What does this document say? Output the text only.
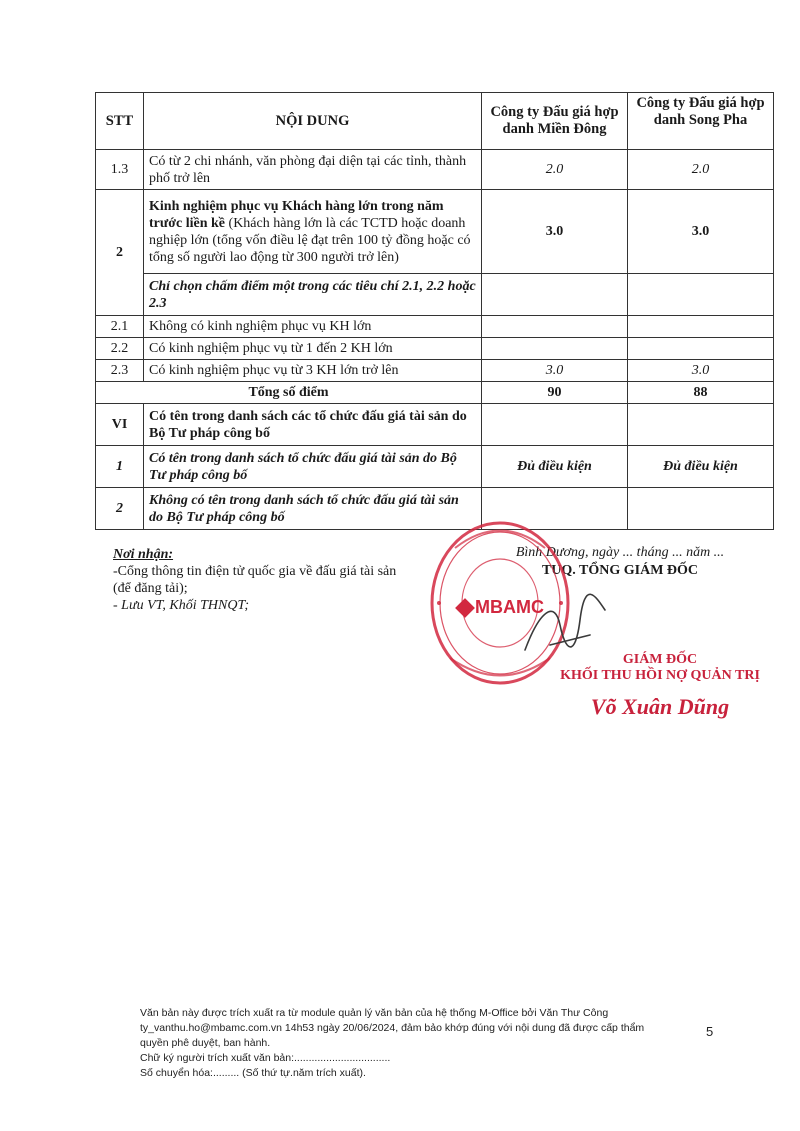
STT	NỘI DUNG	Công ty Đấu giá hợp danh Miền Đông	Công ty Đấu giá hợp danh Song Pha
1.3	Có từ 2 chi nhánh, văn phòng đại diện tại các tỉnh, thành phố trở lên	2.0	2.0
2	Kinh nghiệm phục vụ Khách hàng lớn trong năm trước liền kề (Khách hàng lớn là các TCTD hoặc doanh nghiệp lớn (tổng vốn điều lệ đạt trên 100 tỷ đồng hoặc có tổng số người lao động từ 300 người trở lên)	3.0	3.0
	Chỉ chọn chấm điểm một trong các tiêu chí 2.1, 2.2 hoặc 2.3		
2.1	Không có kinh nghiệm phục vụ KH lớn		
2.2	Có kinh nghiệm phục vụ từ 1 đến 2 KH lớn		
2.3	Có kinh nghiệm phục vụ từ 3 KH lớn trở lên	3.0	3.0
Tổng số điểm		90	88
VI	Có tên trong danh sách các tổ chức đấu giá tài sản do Bộ Tư pháp công bố		
1	Có tên trong danh sách tổ chức đấu giá tài sản do Bộ Tư pháp công bố	Đủ điều kiện	Đủ điều kiện
2	Không có tên trong danh sách tổ chức đấu giá tài sản do Bộ Tư pháp công bố		
Nơi nhận:
-Cổng thông tin điện tử quốc gia về đấu giá tài sản
(để đăng tải);
- Lưu VT, Khối THNQT;
Bình Dương, ngày ... tháng ... năm ...
TUQ. TỔNG GIÁM ĐỐC
MBAMC
GIÁM ĐỐC
KHỐI THU HỒI NỢ QUẢN TRỊ
Võ Xuân Dũng
Văn bản này được trích xuất ra từ module quản lý văn bản của hệ thống M-Office bởi Văn Thư Công
ty_vanthu.ho@mbamc.com.vn 14h53 ngày 20/06/2024, đảm bảo khớp đúng với nội dung đã được cấp thẩm
quyền phê duyệt, ban hành.
Chữ ký người trích xuất văn bản:.................................
Số chuyển hóa:......... (Số thứ tự.năm trích xuất).
5
